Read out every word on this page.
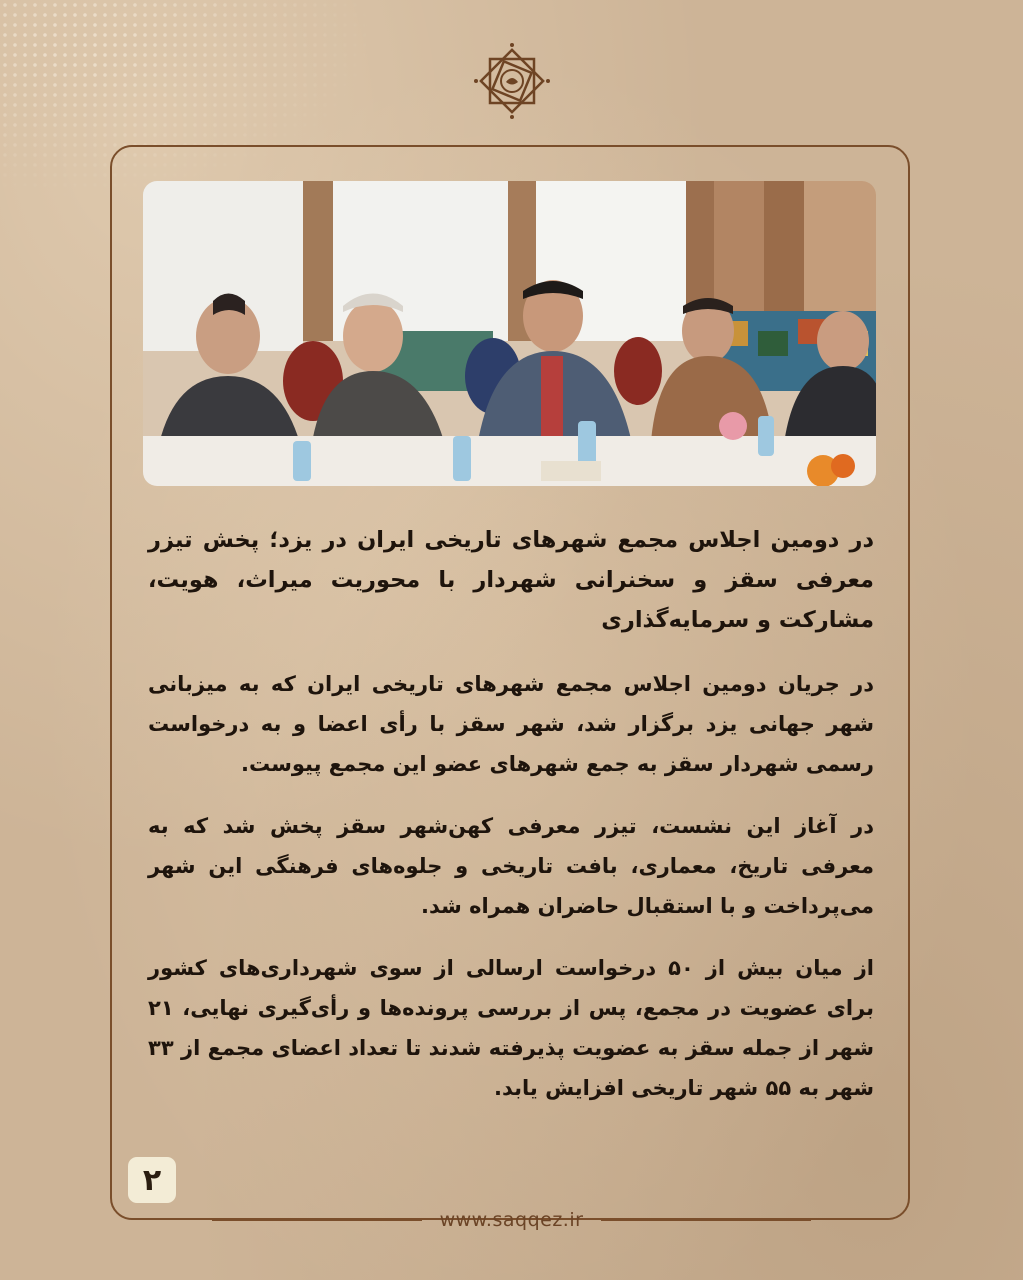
در دومین اجلاس مجمع شهرهای تاریخی ایران در یزد؛ پخش تیزر معرفی سقز و سخنرانی شهردار با محوریت میراث، هویت، مشارکت و سرمایه‌گذاری

در جریان دومین اجلاس مجمع شهرهای تاریخی ایران که به میزبانی شهر جهانی یزد برگزار شد، شهر سقز با رأی اعضا و به درخواست رسمی شهردار سقز به جمع شهرهای عضو این مجمع پیوست.

در آغاز این نشست، تیزر معرفی کهن‌شهر سقز پخش شد که به معرفی تاریخ، معماری، بافت تاریخی و جلوه‌های فرهنگی این شهر می‌پرداخت و با استقبال حاضران همراه شد.

از میان بیش از ۵۰ درخواست ارسالی از سوی شهرداری‌های کشور برای عضویت در مجمع، پس از بررسی پرونده‌ها و رأی‌گیری نهایی، ۲۱ شهر از جمله سقز به عضویت پذیرفته شدند تا تعداد اعضای مجمع از ۳۳ شهر به ۵۵ شهر تاریخی افزایش یابد.

۲
www.saqqez.ir
